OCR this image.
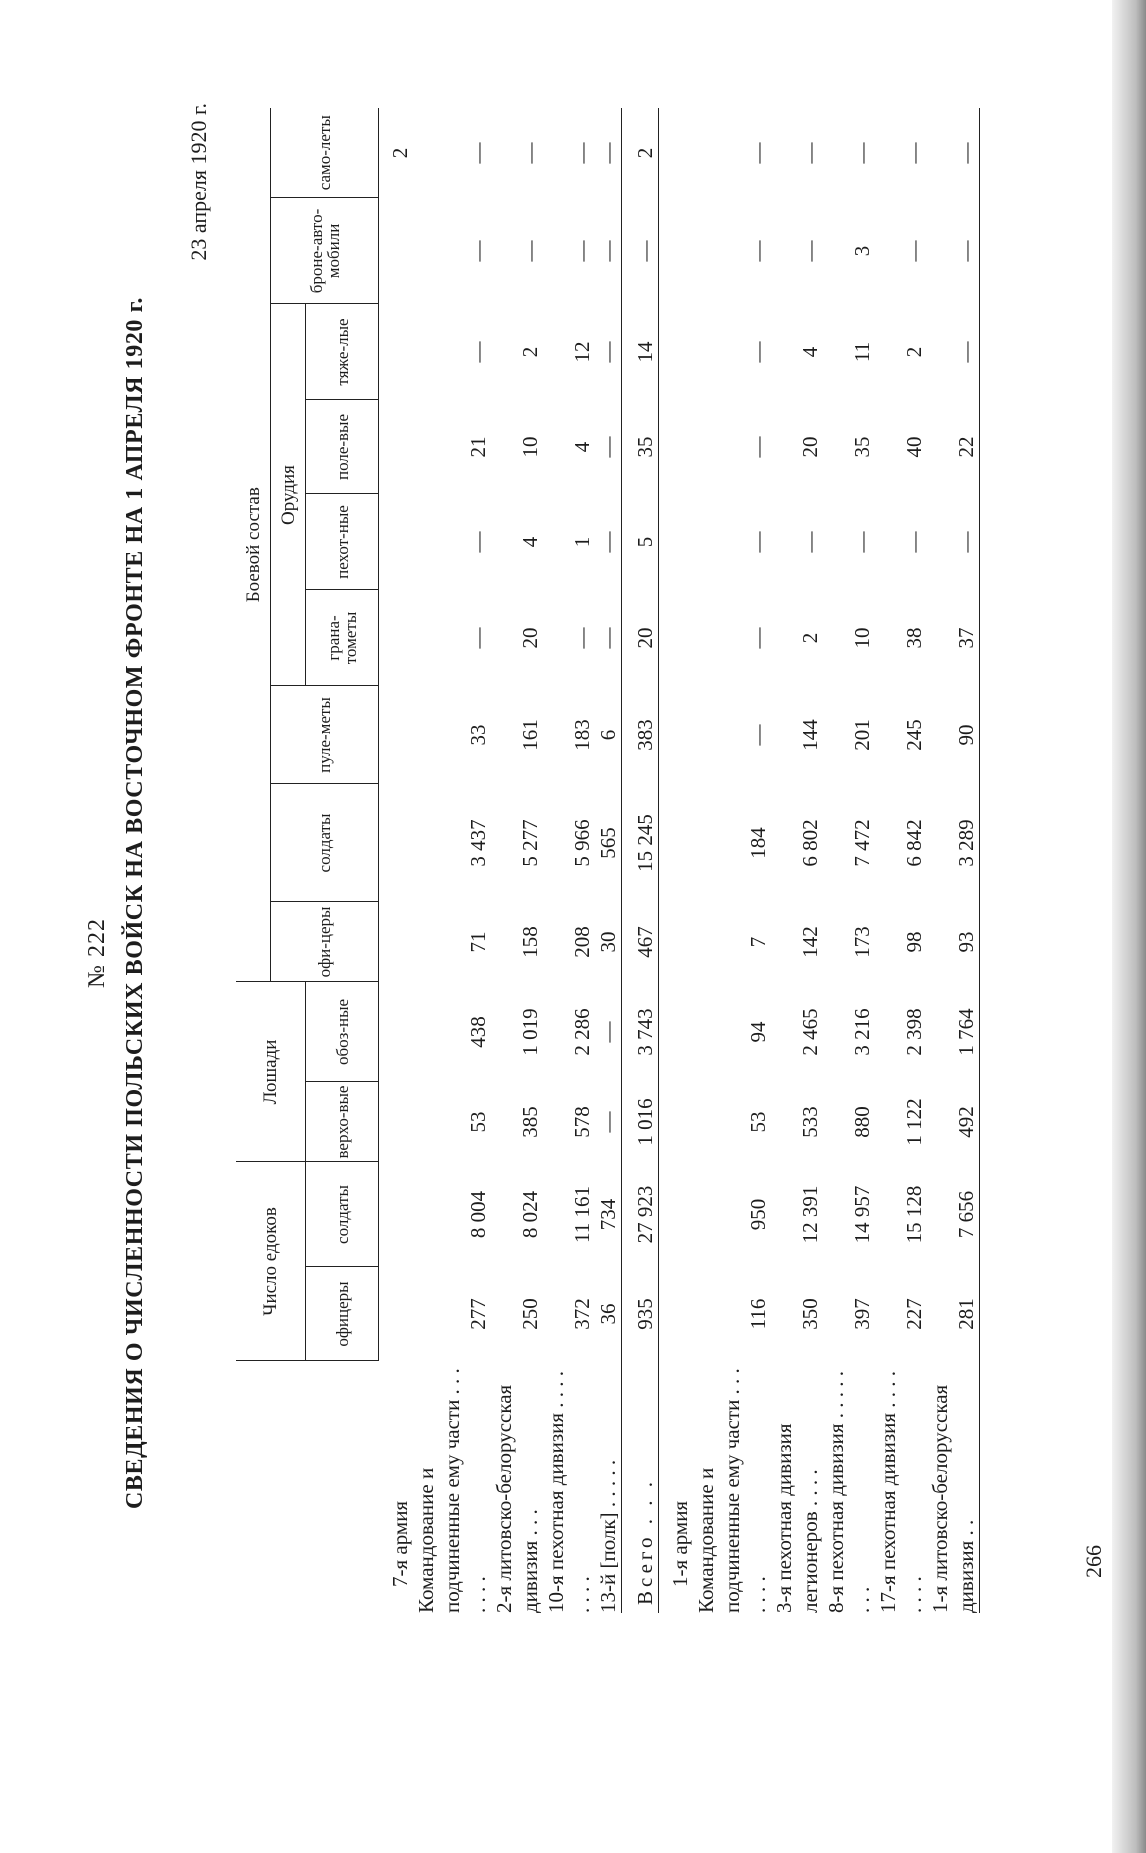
266
№ 222 СВЕДЕНИЯ О ЧИСЛЕННОСТИ ПОЛЬСКИХ ВОЙСК НА ВОСТОЧНОМ ФРОНТЕ НА 1 АПРЕЛЯ 1920 г.
23 апреля 1920 г.
	Число едоков		Лошади		Боевой состав								
					офи-церы	солдаты	пуле-меты	Орудия				броне-авто-мобили	само-леты
	офицеры	солдаты	верхо-вые	обоз-ные				грана-тометы	пехот-ные	поле-вые	тяже-лые		
7-я армия													2
Командование и подчиненные ему части . . . . . . .	277	8 004	53	438	71	3 437	33	—	—	21	—	—	—
2-я литовско-белорусская дивизия . . .	250	8 024	385	1 019	158	5 277	161	20	4	10	2	—	—
10-я пехотная дивизия . . . . . . . .	372	11 161	578	2 286	208	5 966	183	—	1	4	12	—	—
13-й [полк] . . . . .	36	734	—	—	30	565	6	—	—	—	—	—	—
Всего . . .	935	27 923	1 016	3 743	467	15 245	383	20	5	35	14	—	2
1-я армия													
Командование и подчиненные ему части . . . . . . .	116	950	53	94	7	184	—	—	—	—	—	—	—
3-я пехотная дивизия легионеров . . . .	350	12 391	533	2 465	142	6 802	144	2	—	20	4	—	—
8-я пехотная дивизия . . . . . . . .	397	14 957	880	3 216	173	7 472	201	10	—	35	11	3	—
17-я пехотная дивизия . . . . . . . .	227	15 128	1 122	2 398	98	6 842	245	38	—	40	2	—	—
1-я литовско-белорусская дивизия . .	281	7 656	492	1 764	93	3 289	90	37	—	22	—	—	—
